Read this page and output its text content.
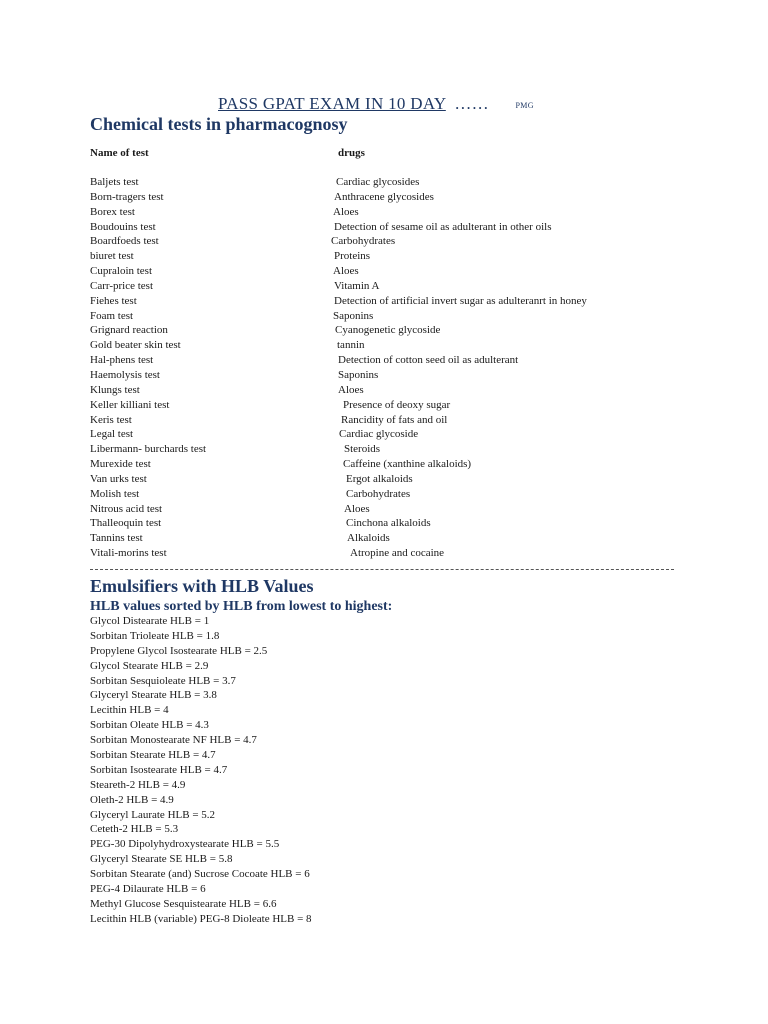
PASS GPAT EXAM IN 10 DAY ……	PMG
Chemical tests in pharmacognosy
Name of test	drugs
Baljets test	Cardiac glycosides
Born-tragers test	Anthracene glycosides
Borex test	Aloes
Boudouins test	Detection of sesame oil as adulterant in other oils
Boardfoeds test	Carbohydrates
biuret test	Proteins
Cupraloin test	Aloes
Carr-price test	Vitamin A
Fiehes test	Detection of artificial invert sugar as adulteranrt in honey
Foam test	Saponins
Grignard reaction	Cyanogenetic glycoside
Gold beater skin test	tannin
Hal-phens test	Detection of cotton seed oil as adulterant
Haemolysis test	Saponins
Klungs test	Aloes
Keller killiani test	Presence of deoxy sugar
Keris test	Rancidity of fats and oil
Legal test	Cardiac glycoside
Libermann- burchards test	Steroids
Murexide test	Caffeine (xanthine alkaloids)
Van urks test	Ergot alkaloids
Molish test	Carbohydrates
Nitrous acid test	Aloes
Thalleoquin test	Cinchona alkaloids
Tannins test	Alkaloids
Vitali-morins test	Atropine and cocaine
Emulsifiers with HLB Values
HLB values sorted by HLB from lowest to highest:
Glycol Distearate HLB = 1
Sorbitan Trioleate HLB = 1.8
Propylene Glycol Isostearate HLB = 2.5
Glycol Stearate HLB = 2.9
Sorbitan Sesquioleate HLB = 3.7
Glyceryl Stearate HLB = 3.8
Lecithin HLB = 4
Sorbitan Oleate HLB = 4.3
Sorbitan Monostearate NF HLB = 4.7
Sorbitan Stearate HLB = 4.7
Sorbitan Isostearate HLB = 4.7
Steareth-2 HLB = 4.9
Oleth-2 HLB = 4.9
Glyceryl Laurate HLB = 5.2
Ceteth-2 HLB = 5.3
PEG-30 Dipolyhydroxystearate HLB = 5.5
Glyceryl Stearate SE HLB = 5.8
Sorbitan Stearate (and) Sucrose Cocoate HLB = 6
PEG-4 Dilaurate HLB = 6
Methyl Glucose Sesquistearate HLB = 6.6
Lecithin HLB (variable) PEG-8 Dioleate HLB = 8
